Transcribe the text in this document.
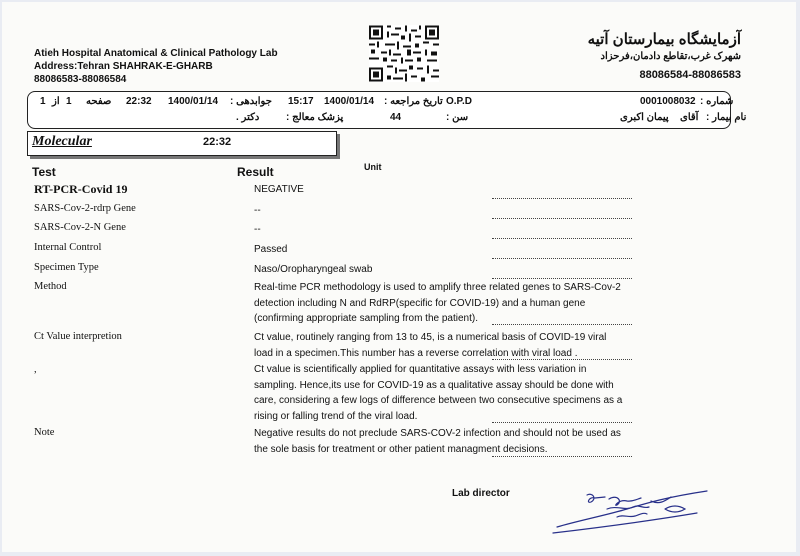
Atieh Hospital Anatomical & Clinical Pathology Lab
Address:Tehran SHAHRAK-E-GHARB
88086583-88086584
آزمایشگاه بیمارستان آتیه
شهرک غرب،تقاطع دادمان،فرحزاد
88086584-88086583
1 از 1 صفحه 22:32 1400/01/14 جوابدهی : 15:17 1400/01/14 تاریخ مراجعه : O.P.D	0001008032 شماره :
دکتر .	پزشک معالج :	44	سن :	پیمان اکبری آقای نام بیمار :
Molecular	22:32
Test	Result	Unit
RT-PCR-Covid 19	NEGATIVE
SARS-Cov-2-rdrp Gene	--
SARS-Cov-2-N Gene	--
Internal Control	Passed
Specimen Type	Naso/Oropharyngeal swab
Method	Real-time PCR methodology is used to amplify three related genes to SARS-Cov-2
detection including N and RdRP(specific for COVID-19) and a human gene
(confirming appropriate sampling from the patient).
Ct Value interpretion	Ct value, routinely ranging from 13 to 45, is a numerical basis of COVID-19 viral
load in a specimen.This number has a reverse correlation with viral load .
,	Ct value is scientifically applied for quantitative assays with less variation in
sampling. Hence,its use for COVID-19 as a qualitative assay should be done with
care, considering a few logs of difference between two consecutive specimens as a
rising or falling trend of the viral load.
Note	Negative results do not preclude SARS-COV-2 infection and should not be used as
the sole basis for treatment or other patient managment decisions.
Lab director
